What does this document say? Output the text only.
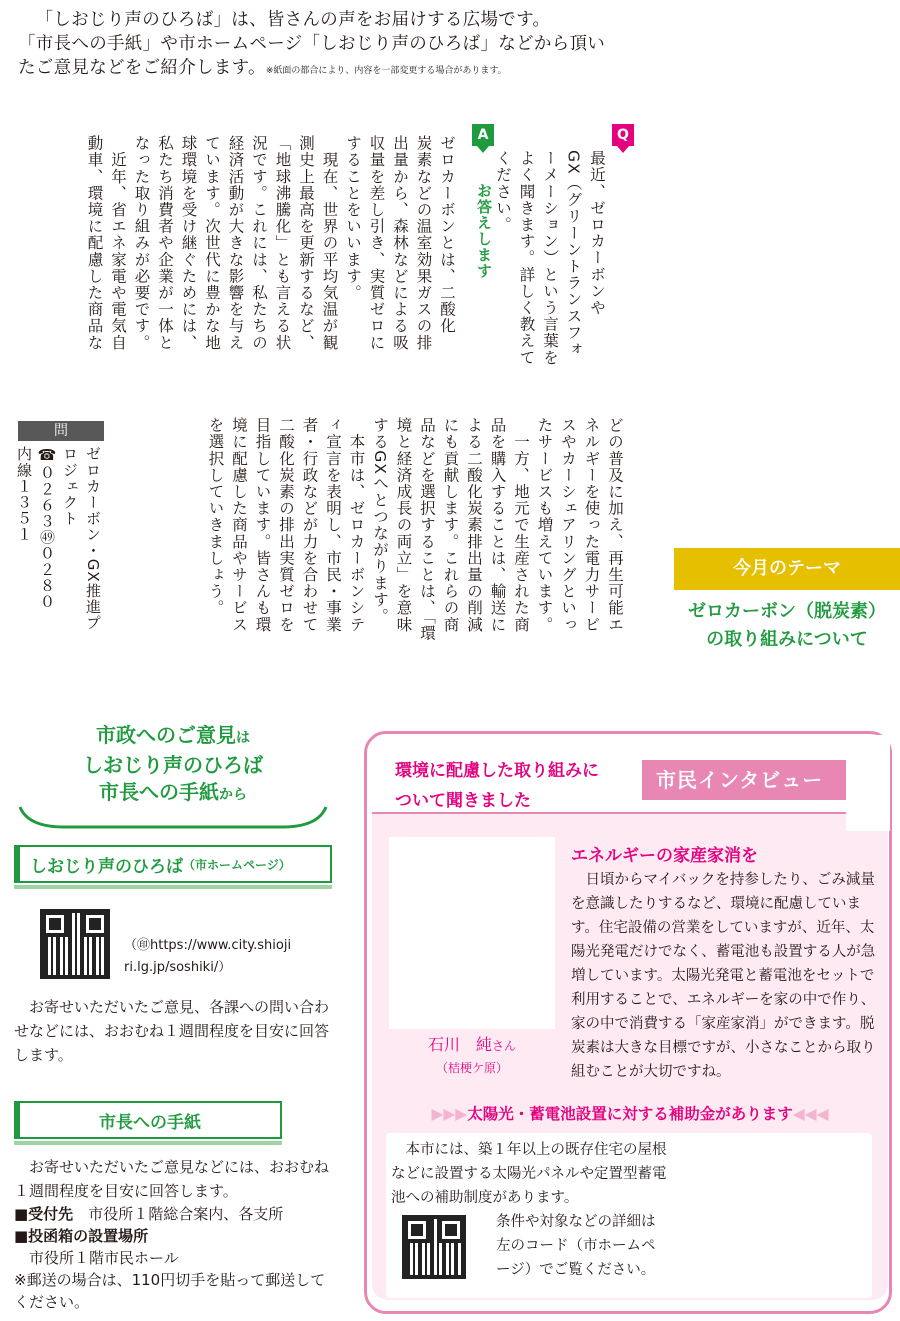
「しおじり声のひろば」は、皆さんの声をお届けする広場です。
「市長への手紙」や市ホームページ「しおじり声のひろば」などから頂い
たご意見などをご紹介します。※紙面の都合により、内容を一部変更する場合があります。
Q
最近、ゼロカーボンや
GX（グリーントランスフォ
ーメーション）という言葉を
よく聞きます。詳しく教えて
ください。
A
お答えします
ゼロカーボンとは、二酸化
炭素などの温室効果ガスの排
出量から、森林などによる吸
収量を差し引き、実質ゼロに
することをいいます。
　現在、世界の平均気温が観
測史上最高を更新するなど、
「地球沸騰化」とも言える状
況です。これには、私たちの
経済活動が大きな影響を与え
ています。次世代に豊かな地
球環境を受け継ぐためには、
私たち消費者や企業が一体と
なった取り組みが必要です。
　近年、省エネ家電や電気自
動車、環境に配慮した商品な
どの普及に加え、再生可能エ
ネルギーを使った電力サービ
スやカーシェアリングといっ
たサービスも増えています。
　一方、地元で生産された商
品を購入することは、輸送に
よる二酸化炭素排出量の削減
にも貢献します。これらの商
品などを選択することは、「環
境と経済成長の両立」を意味
するGXへとつながります。
　本市は、ゼロカーボンシテ
ィ宣言を表明し、市民・事業
者・行政などが力を合わせて
二酸化炭素の排出実質ゼロを
目指しています。皆さんも環
境に配慮した商品やサービス
を選択していきましょう。
問
ゼロカーボン・GX推進プ
ロジェクト
☎０２６３㊾０２８０
内線１３５１
今月のテーマ
ゼロカーボン（脱炭素）
の取り組みについて
市政へのご意見は
しおじり声のひろば
市長への手紙から
しおじり声のひろば （市ホームページ）
（㊞https://www.city.shiojiri.lg.jp/soshiki/）

お寄せいただいたご意見、各課への問い合わせなどには、おおむね１週間程度を目安に回答します。

市長への手紙

お寄せいただいたご意見などには、おおむね１週間程度を目安に回答します。

■受付先　 市役所１階総合案内、各支所

■投函箱の設置場所

市役所１階市民ホール

※郵送の場合は、110円切手を貼って郵送してください。

環境に配慮した取り組みに
ついて聞きました
市民インタビュー
石川　純さん
（桔梗ケ原）
エネルギーの家産家消を

日頃からマイバックを持参したり、ごみ減量を意識したりするなど、環境に配慮しています。住宅設備の営業をしていますが、近年、太陽光発電だけでなく、蓄電池も設置する人が急増しています。太陽光発電と蓄電池をセットで利用することで、エネルギーを家の中で作り、家の中で消費する「家産家消」ができます。脱炭素は大きな目標ですが、小さなことから取り組むことが大切ですね。

▶▶▶太陽光・蓄電池設置に対する補助金があります◀◀◀

本市には、築１年以上の既存住宅の屋根などに設置する太陽光パネルや定置型蓄電池への補助制度があります。

条件や対象などの詳細は左のコード（市ホームページ）でご覧ください。
